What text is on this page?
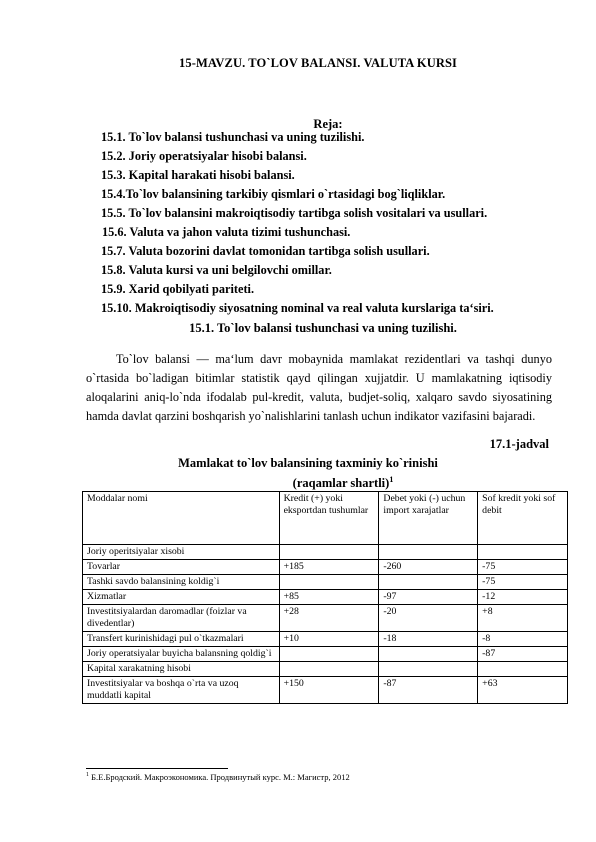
15-MAVZU. TO`LOV BALANSI. VALUTA KURSI
Reja:
15.1. To`lov balansi tushunchasi va uning tuzilishi.
15.2. Joriy operatsiyalar hisobi balansi.
15.3. Kapital harakati hisobi balansi.
15.4.To`lov balansining tarkibiy qismlari o`rtasidagi bog`liqliklar.
15.5. To`lov balansini makroiqtisodiy tartibga solish vositalari va usullari.
15.6. Valuta va jahon valuta tizimi tushunchasi.
15.7. Valuta bozorini davlat tomonidan tartibga solish usullari.
15.8. Valuta kursi va uni belgilovchi omillar.
15.9. Xarid qobilyati pariteti.
15.10. Makroiqtisodiy siyosatning nominal va real valuta kurslariga ta‘siri.
15.1. To`lov balansi tushunchasi va uning tuzilishi.

To`lov balansi — ma‘lum davr mobaynida mamlakat rezidentlari va tashqi dunyo o`rtasida bo`ladigan bitimlar statistik qayd qilingan xujjatdir. U mamlakatning iqtisodiy aloqalarini aniq-lo`nda ifodalab pul-kredit, valuta, budjet-soliq, xalqaro savdo siyosatining hamda davlat qarzini boshqarish yo`nalishlarini tanlash uchun indikator vazifasini bajaradi.

17.1-jadval
Mamlakat to`lov balansining taxminiy ko`rinishi
(raqamlar shartli)$^1$
Moddalar nomi	Kredit (+) yoki eksportdan tushumlar	Debet yoki (-) uchun import xarajatlar	Sof kredit yoki sof debit
Joriy operitsiyalar xisobi			
Tovarlar	+185	-260	-75
Tashki savdo balansining koldig`i			-75
Xizmatlar	+85	-97	-12
Investitsiyalardan daromadlar (foizlar va divedentlar)	+28	-20	+8
Transfert kurinishidagi pul o`tkazmalari	+10	-18	-8
Joriy operatsiyalar buyicha balansning qoldig`i			-87
Kapital xarakatning hisobi			
Investitsiyalar va boshqa o`rta va uzoq muddatli kapital	+150	-87	+63
$^1$ Б.Е.Бродский. Макроэкономика. Продвинутый курс. М.: Магистр, 2012
